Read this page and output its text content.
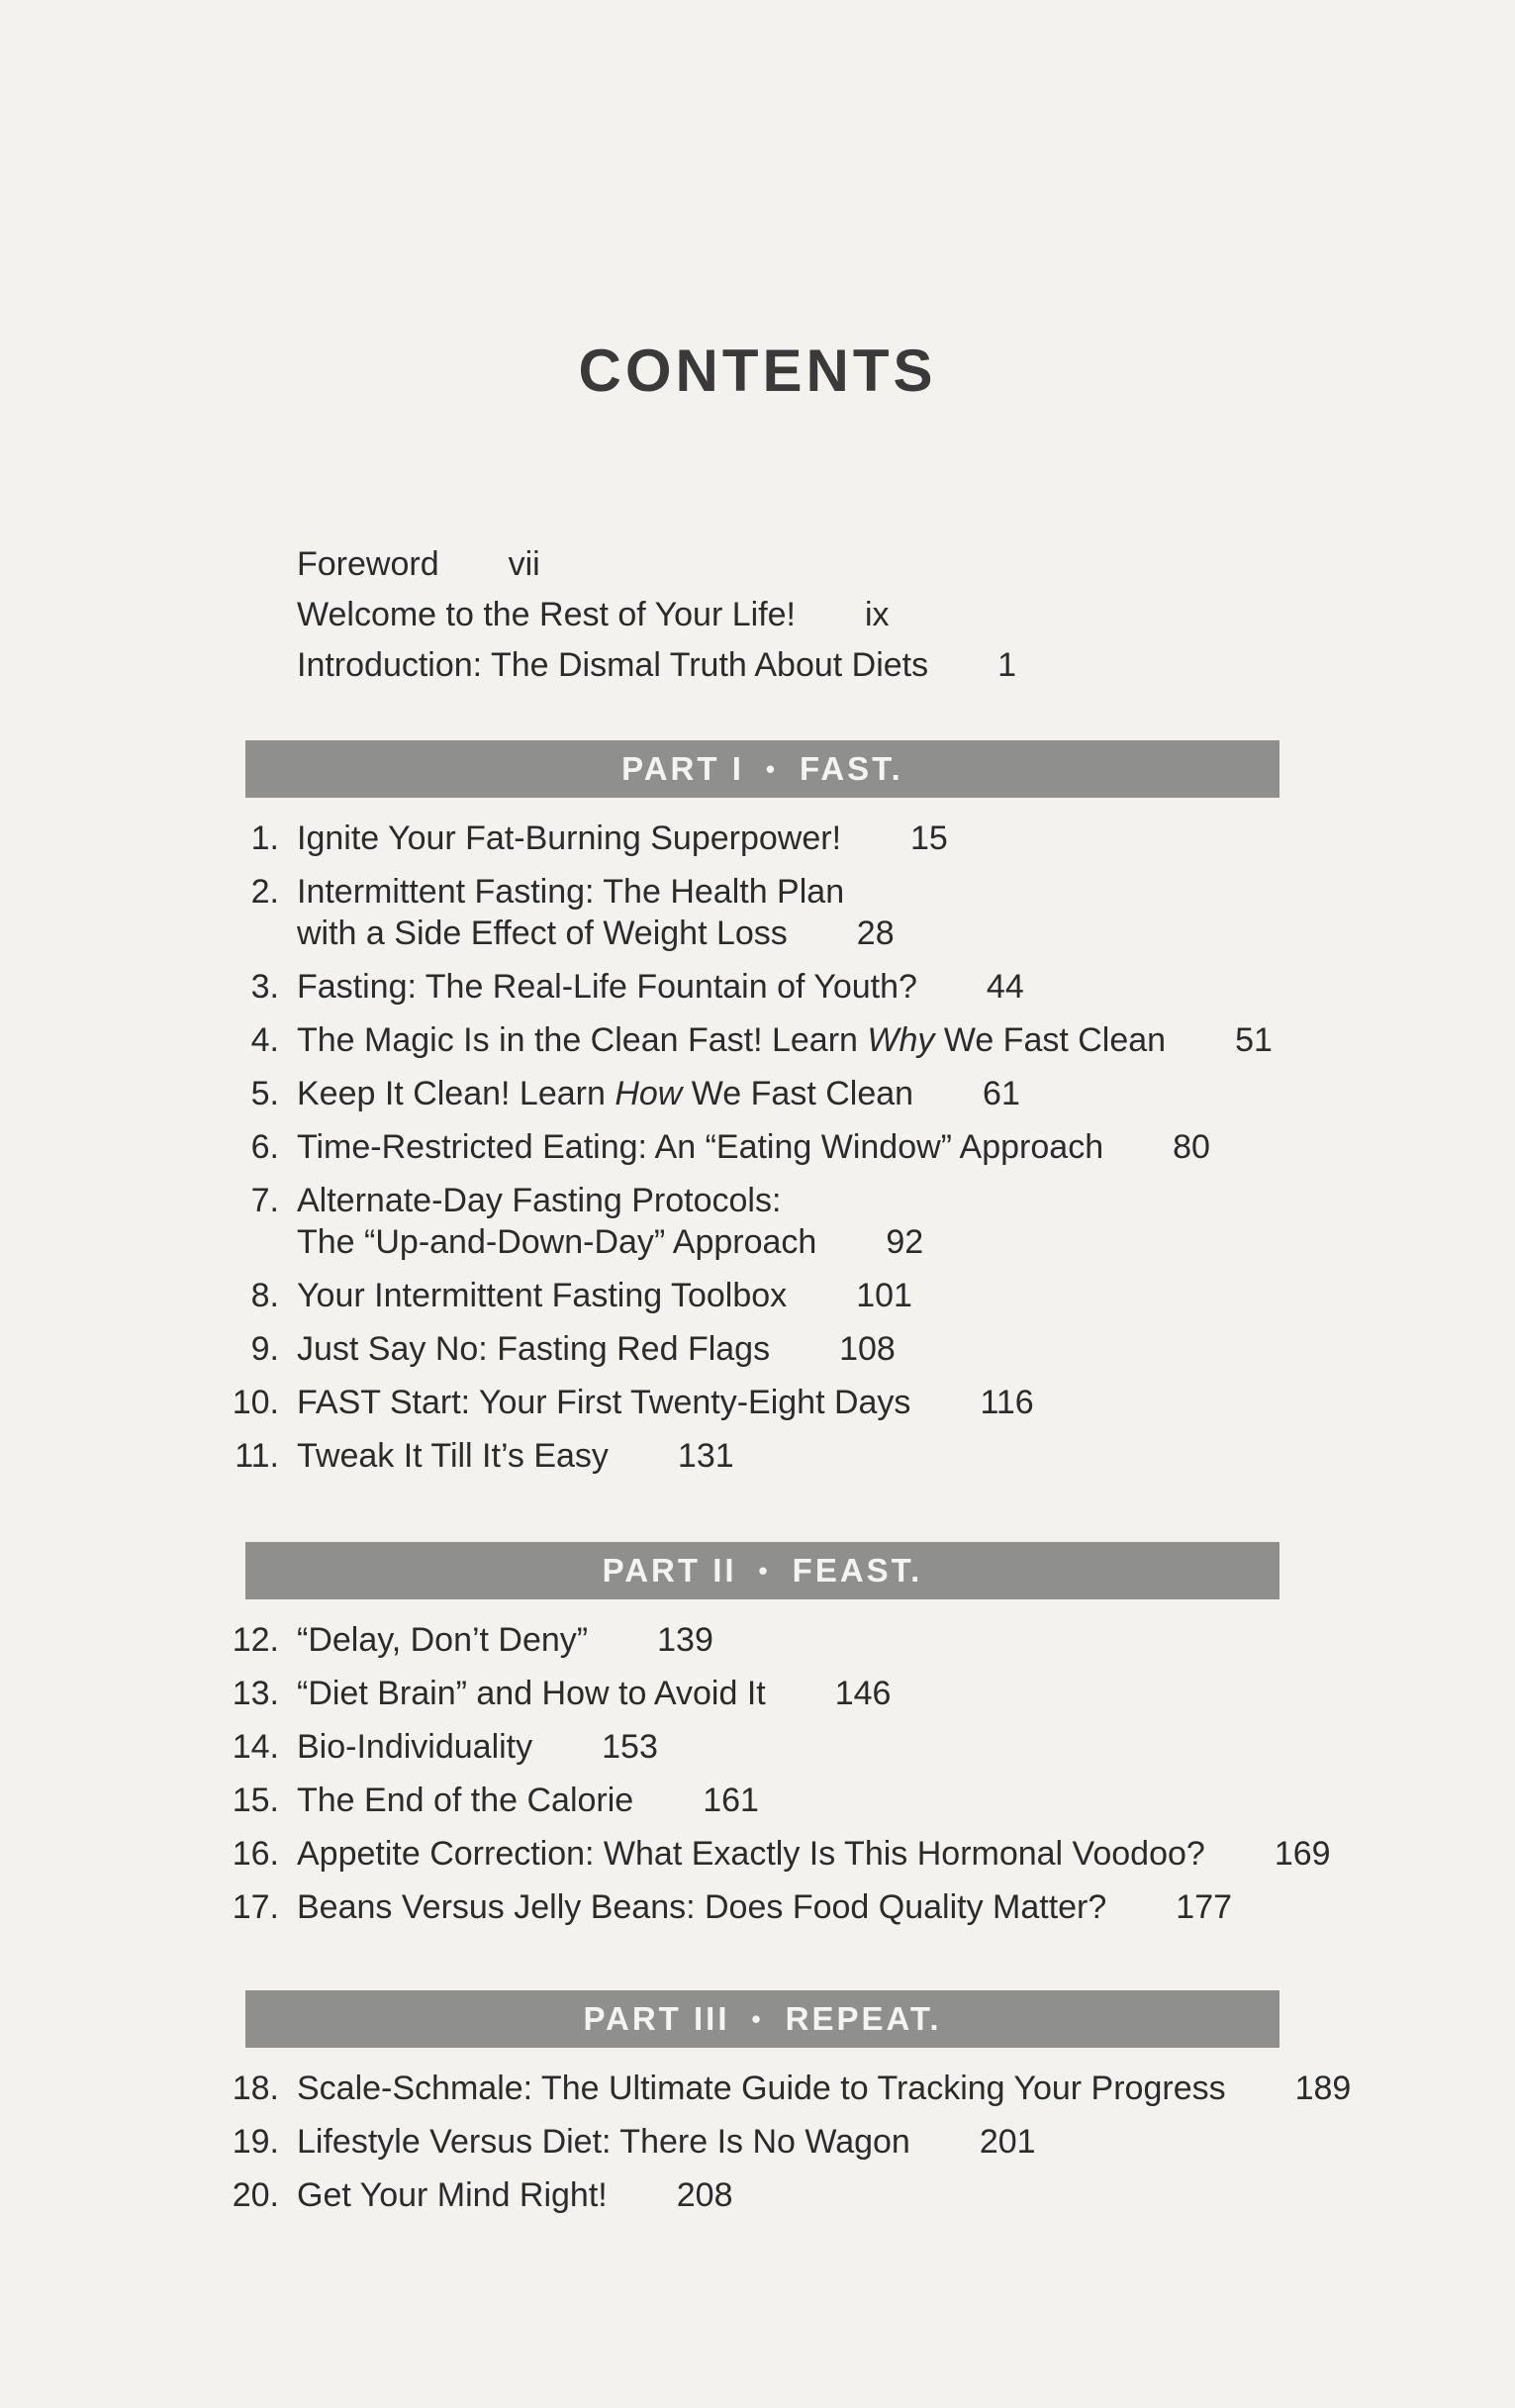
CONTENTS
Foreword vii
Welcome to the Rest of Your Life! ix
Introduction: The Dismal Truth About Diets 1
PART I • FAST.
1. Ignite Your Fat-Burning Superpower! 15
2. Intermittent Fasting: The Health Plan
with a Side Effect of Weight Loss 28
3. Fasting: The Real-Life Fountain of Youth? 44
4. The Magic Is in the Clean Fast! Learn Why We Fast Clean 51
5. Keep It Clean! Learn How We Fast Clean 61
6. Time-Restricted Eating: An “Eating Window” Approach 80
7. Alternate-Day Fasting Protocols:
The “Up-and-Down-Day” Approach 92
8. Your Intermittent Fasting Toolbox 101
9. Just Say No: Fasting Red Flags 108
10. FAST Start: Your First Twenty-Eight Days 116
11. Tweak It Till It’s Easy 131
PART II • FEAST.
12. “Delay, Don’t Deny” 139
13. “Diet Brain” and How to Avoid It 146
14. Bio-Individuality 153
15. The End of the Calorie 161
16. Appetite Correction: What Exactly Is This Hormonal Voodoo? 169
17. Beans Versus Jelly Beans: Does Food Quality Matter? 177
PART III • REPEAT.
18. Scale-Schmale: The Ultimate Guide to Tracking Your Progress 189
19. Lifestyle Versus Diet: There Is No Wagon 201
20. Get Your Mind Right! 208
